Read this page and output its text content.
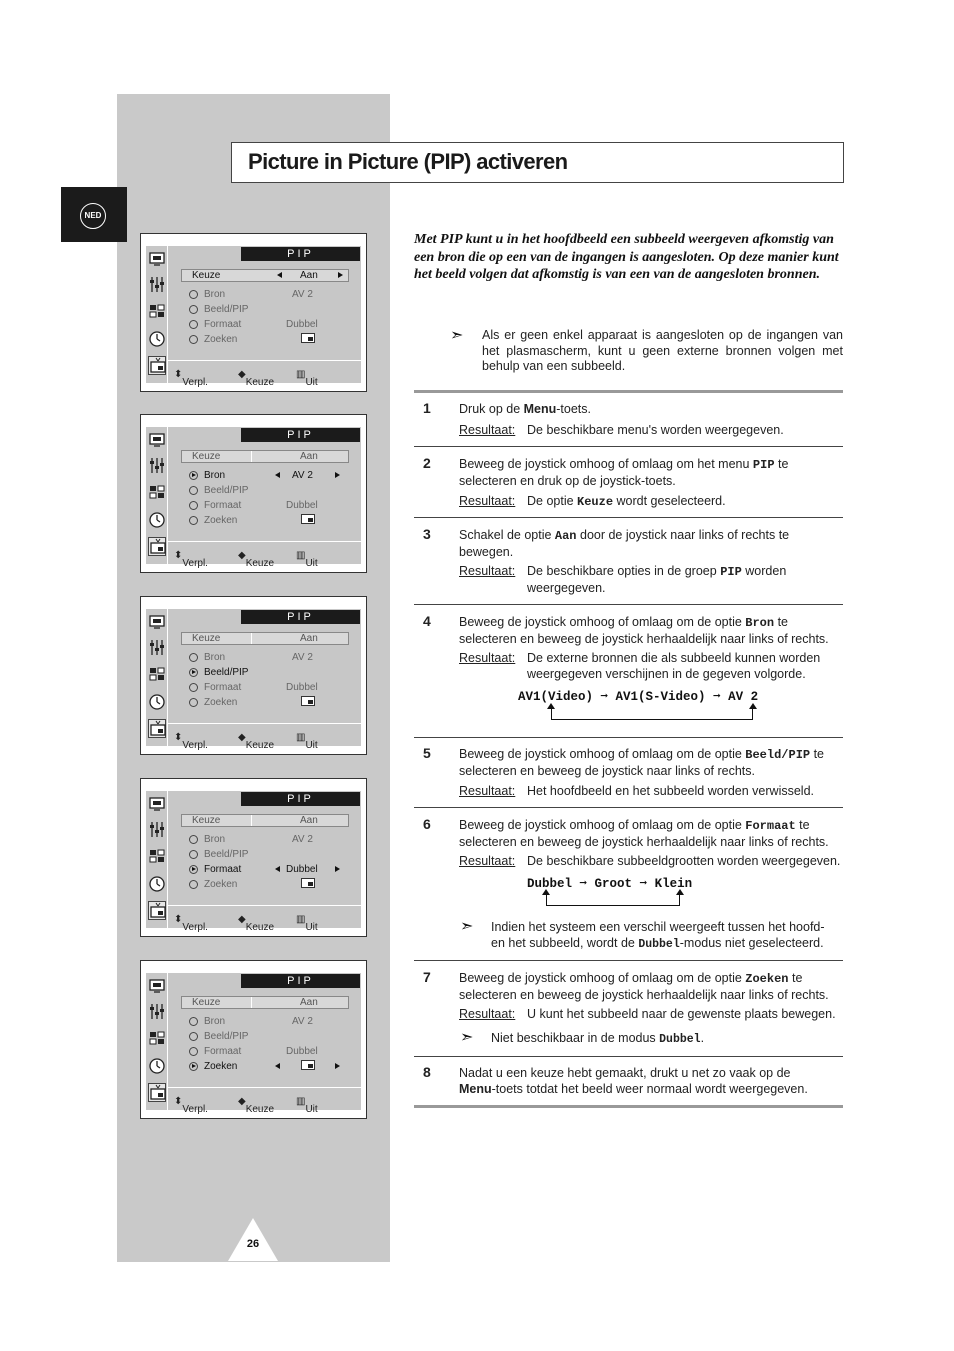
Picture in Picture (PIP) activeren
NED
PIP
Keuze	Aan
Bron	AV 2
Beeld/PIP
Formaat	Dubbel
Zoeken
⬍
Verpl.
◆
Keuze
▥
Uit
PIP
Keuze	Aan
Bron	AV 2
Beeld/PIP
Formaat	Dubbel
Zoeken
⬍
Verpl.
◆
Keuze
▥
Uit
PIP
Keuze	Aan
Bron	AV 2
Beeld/PIP
Formaat	Dubbel
Zoeken
⬍
Verpl.
◆
Keuze
▥
Uit
PIP
Keuze	Aan
Bron	AV 2
Beeld/PIP
Formaat	Dubbel
Zoeken
⬍
Verpl.
◆
Keuze
▥
Uit
PIP
Keuze	Aan
Bron	AV 2
Beeld/PIP
Formaat	Dubbel
Zoeken
⬍
Verpl.
◆
Keuze
▥
Uit
Met PIP kunt u in het hoofdbeeld een subbeeld weergeven afkomstig van een bron die op een van de ingangen is aangesloten. Op deze manier kunt het beeld volgen dat afkomstig is van een van de aangesloten bronnen.
➣ Als er geen enkel apparaat is aangesloten op de ingangen van het plasmascherm, kunt u geen externe bronnen volgen met behulp van een subbeeld.
1 Druk op de Menu-toets.
Resultaat: De beschikbare menu's worden weergegeven.
2 Beweeg de joystick omhoog of omlaag om het menu PIP te
selecteren en druk op de joystick-toets.
Resultaat: De optie Keuze wordt geselecteerd.
3 Schakel de optie Aan door de joystick naar links of rechts te
bewegen.
Resultaat: De beschikbare opties in de groep PIP worden
weergegeven.
4 Beweeg de joystick omhoog of omlaag om de optie Bron te
selecteren en beweeg de joystick herhaaldelijk naar links of rechts.
Resultaat: De externe bronnen die als subbeeld kunnen worden
weergegeven verschijnen in de gegeven volgorde.
AV1(Video) ➞ AV1(S-Video) ➞ AV 2
5 Beweeg de joystick omhoog of omlaag om de optie Beeld/PIP te
selecteren en beweeg de joystick naar links of rechts.
Resultaat: Het hoofdbeeld en het subbeeld worden verwisseld.
6 Beweeg de joystick omhoog of omlaag om de optie Formaat te
selecteren en beweeg de joystick herhaaldelijk naar links of rechts.
Resultaat: De beschikbare subbeeldgrootten worden weergegeven.
Dubbel ➞ Groot ➞ Klein
➣ Indien het systeem een verschil weergeeft tussen het hoofd-
en het subbeeld, wordt de Dubbel-modus niet geselecteerd.
7 Beweeg de joystick omhoog of omlaag om de optie Zoeken te
selecteren en beweeg de joystick herhaaldelijk naar links of rechts.
Resultaat: U kunt het subbeeld naar de gewenste plaats bewegen.
➣ Niet beschikbaar in de modus Dubbel.
8 Nadat u een keuze hebt gemaakt, drukt u net zo vaak op de
Menu-toets totdat het beeld weer normaal wordt weergegeven.
26
